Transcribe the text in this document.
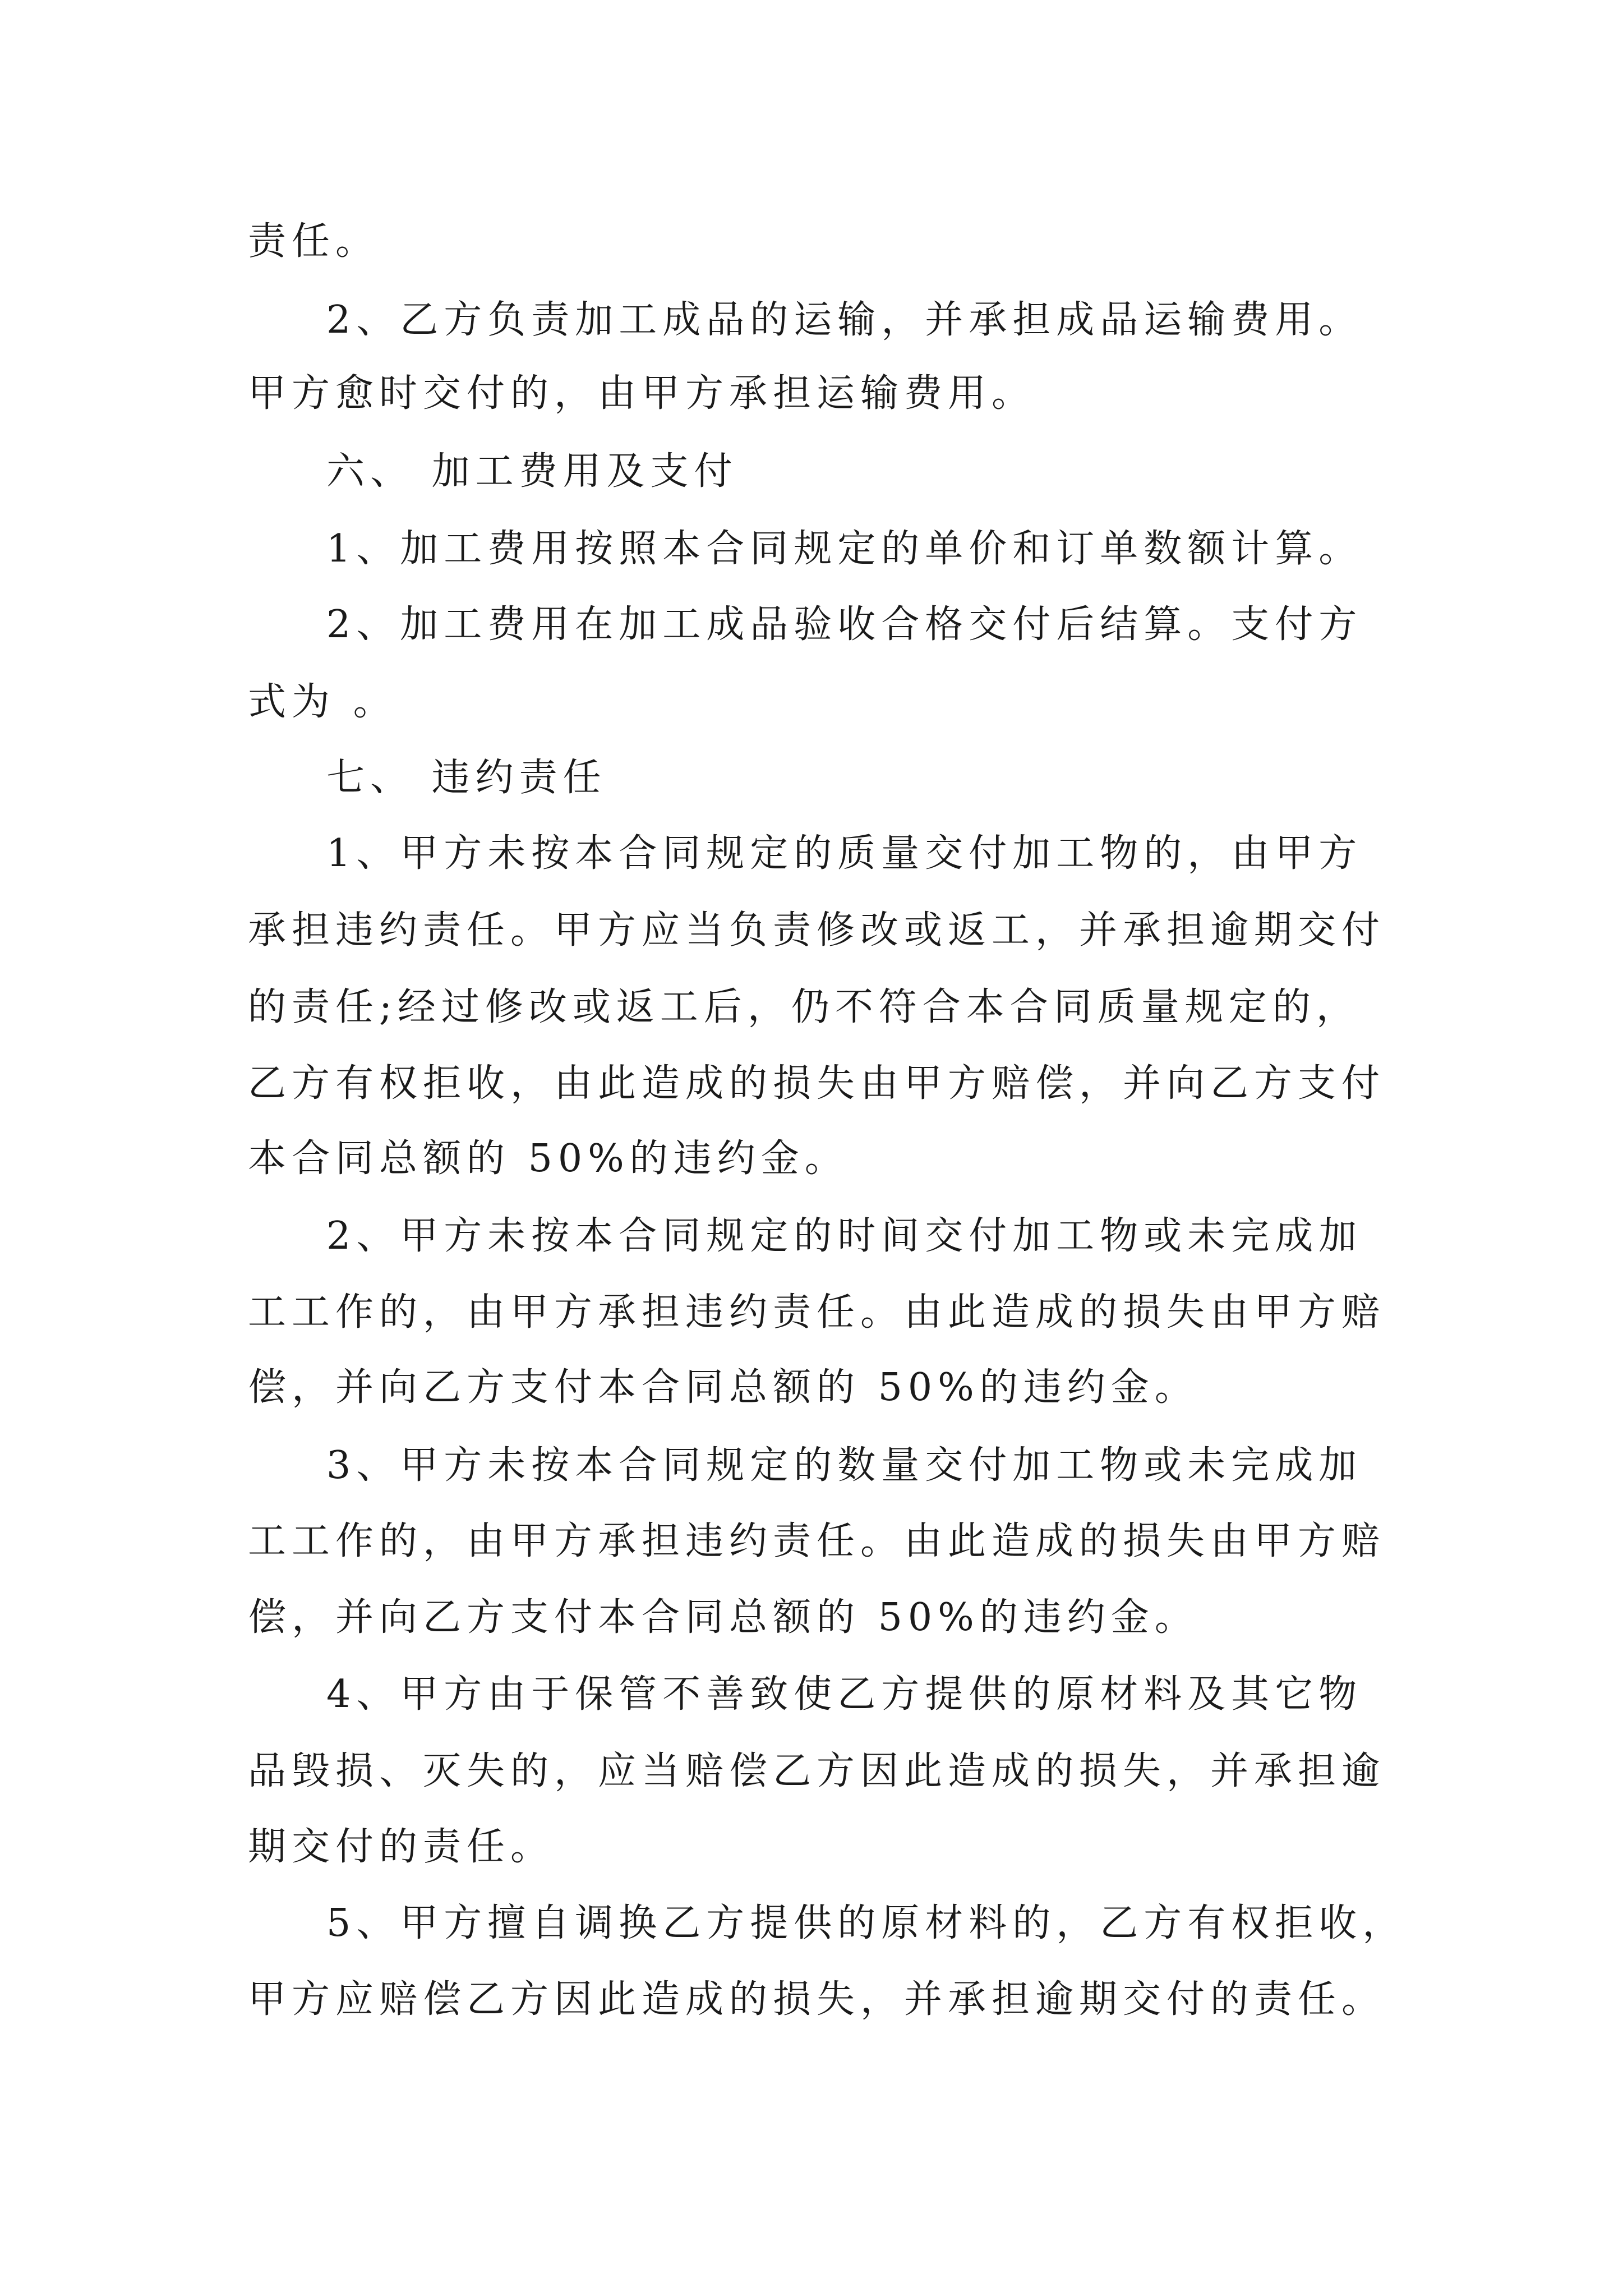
责任。

2、乙方负责加工成品的运输，并承担成品运输费用。

甲方愈时交付的，由甲方承担运输费用。

六、 加工费用及支付

1、加工费用按照本合同规定的单价和订单数额计算。

2、加工费用在加工成品验收合格交付后结算。支付方

式为 。

七、 违约责任

1、甲方未按本合同规定的质量交付加工物的，由甲方

承担违约责任。甲方应当负责修改或返工，并承担逾期交付

的责任;经过修改或返工后，仍不符合本合同质量规定的，

乙方有权拒收，由此造成的损失由甲方赔偿，并向乙方支付

本合同总额的 50%的违约金。

2、甲方未按本合同规定的时间交付加工物或未完成加

工工作的，由甲方承担违约责任。由此造成的损失由甲方赔

偿，并向乙方支付本合同总额的 50%的违约金。

3、甲方未按本合同规定的数量交付加工物或未完成加

工工作的，由甲方承担违约责任。由此造成的损失由甲方赔

偿，并向乙方支付本合同总额的 50%的违约金。

4、甲方由于保管不善致使乙方提供的原材料及其它物

品毁损、灭失的，应当赔偿乙方因此造成的损失，并承担逾

期交付的责任。

5、甲方擅自调换乙方提供的原材料的，乙方有权拒收，

甲方应赔偿乙方因此造成的损失，并承担逾期交付的责任。
